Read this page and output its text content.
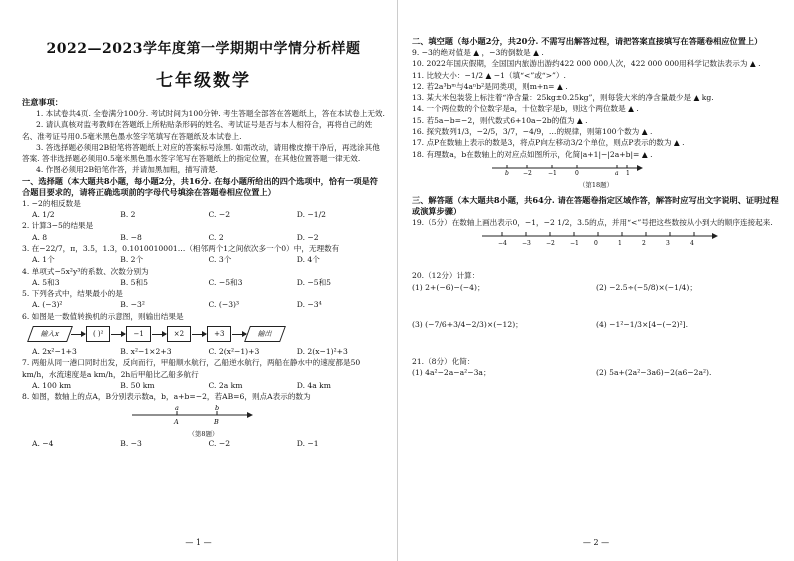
2022—2023学年度第一学期期中学情分析样题
七年级数学
注意事项：

1. 本试卷共4页. 全卷满分100分. 考试时间为100分钟. 考生答题全部答在答题纸上，答在本试卷上无效.

2. 请认真核对监考教师在答题纸上所粘贴条形码的姓名、考试证号是否与本人相符合，再将自己的姓名、准考证号用0.5毫米黑色墨水签字笔填写在答题纸及本试卷上.

3. 答选择题必须用2B铅笔将答题纸上对应的答案标号涂黑. 如需改动，请用橡皮擦干净后，再选涂其他答案. 答非选择题必须用0.5毫米黑色墨水签字笔写在答题纸上的指定位置，在其他位置答题一律无效.

4. 作图必须用2B铅笔作答，并请加黑加粗，描写清楚.

一、选择题（本大题共8小题，每小题2分，共16分. 在每小题所给出的四个选项中，恰有一项是符合题目要求的，请将正确选项前的字母代号填涂在答题卷相应位置上）

1. −2的相反数是

A. 1/2	B. 2	C. −2	D. −1/2

2. 计算3−5的结果是

A. 8	B. −8	C. 2	D. −2

3. 在−22/7，π，3.5，1.3，0.1010010001…（相邻两个1之间依次多一个0）中，无理数有

A. 1个	B. 2个	C. 3个	D. 4个

4. 单项式−5x²y³的系数、次数分别为

A. 5和3	B. 5和5	C. −5和3	D. −5和5

5. 下列各式中，结果最小的是

A. (−3)²	B. −3²	C. (−3)³	D. −3⁴

6. 如图是一数值转换机的示意图，则输出结果是

输入x	( )²	−1	×2	+3	输出
A. 2x²−1+3	B. x²−1×2+3	C. 2(x²−1)+3	D. 2(x−1)²+3

7. 两船从同一港口同时出发，反向而行，甲船顺水航行，乙船逆水航行，两船在静水中的速度都是50 km/h，水流速度是a km/h，2h后甲船比乙船多航行

A. 100 km	B. 50 km	C. 2a km	D. 4a km

8. 如图，数轴上的点A，B分别表示数a，b，a+b=−2，若AB=6，则点A表示的数为

a	b
A	B
（第8题）
A. −4	B. −3	C. −2	D. −1
— 1 —
二、填空题（每小题2分，共20分. 不需写出解答过程，请把答案直接填写在答题卷相应位置上）

9. −3的绝对值是 ▲ ，−3的倒数是 ▲ .

10. 2022年国庆假期，全国国内旅游出游约422 000 000人次，422 000 000用科学记数法表示为 ▲ .

11. 比较大小：−1/2 ▲ −1（填“<”或“>”）.

12. 若2a³bᵐ与4aⁿb²是同类项，则m+n= ▲ .

13. 某大米包装袋上标注着“净含量：25kg±0.25kg”，则每袋大米的净含量最少是 ▲ kg.

14. 一个两位数的个位数字是a，十位数字是b，则这个两位数是 ▲ .

15. 若5a−b=−2，则代数式6+10a−2b的值为 ▲ .

16. 探究数列1/3，−2/5，3/7，−4/9，…的规律，则第100个数为 ▲ .

17. 点P在数轴上表示的数是3，将点P向左移动3/2个单位，则点P表示的数为 ▲ .

18. 有理数a，b在数轴上的对应点如图所示，化简|a+1|−|2a+b|= ▲ .

b −2	−1	0	a 1
（第18题）
三、解答题（本大题共8小题，共64分. 请在答题卷指定区域作答，解答时应写出文字说明、证明过程或演算步骤）

19.（5分）在数轴上画出表示0，−1，−2 1/2，3.5的点，并用“<”号把这些数按从小到大的顺序连接起来.

−4	−3	−2	−1	0	1	2	3	4

20.（12分）计算：

(1) 2+(−6)−(−4)；	(2) −2.5÷(−5/8)×(−1/4)；
(3) (−7/6+3/4−2/3)×(−12)；	(4) −1²−1/3×[4−(−2)²].

21.（8分）化简：

(1) 4a²−2a−a²−3a；	(2) 5a+(2a²−3a6)−2(a6−2a²).
— 2 —
